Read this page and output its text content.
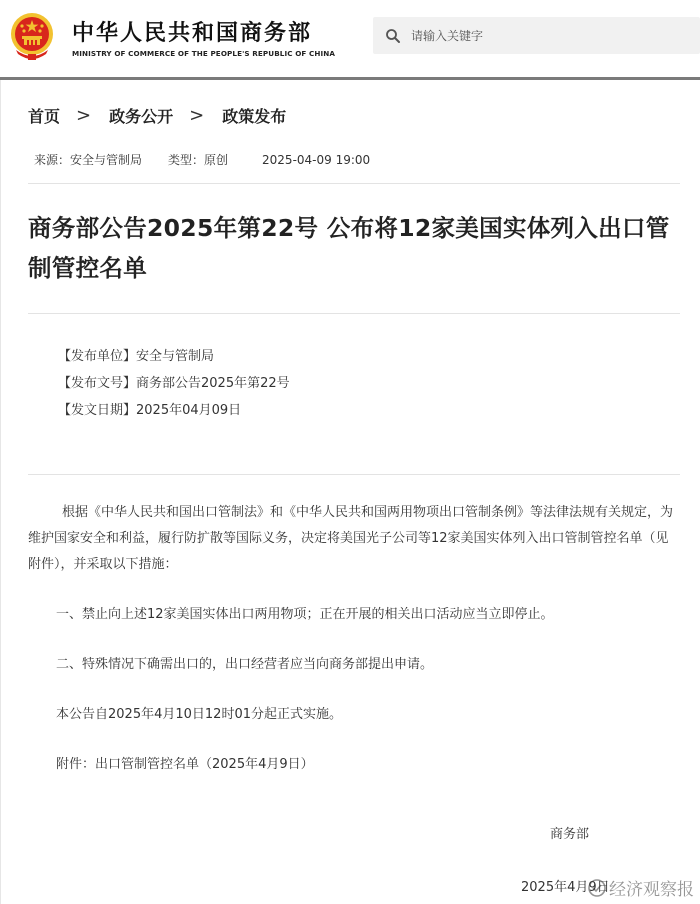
中华人民共和国商务部
MINISTRY OF COMMERCE OF THE PEOPLE'S REPUBLIC OF CHINA
请输入关键字
首页 > 政务公开 > 政策发布
来源：安全与管制局 类型：原创	2025-04-09 19:00
商务部公告2025年第22号 公布将12家美国实体列入出口管制管控名单
【发布单位】安全与管制局
【发布文号】商务部公告2025年第22号
【发文日期】2025年04月09日

根据《中华人民共和国出口管制法》和《中华人民共和国两用物项出口管制条例》等法律法规有关规定，为维护国家安全和利益，履行防扩散等国际义务，决定将美国光子公司等12家美国实体列入出口管制管控名单（见附件），并采取以下措施：

一、禁止向上述12家美国实体出口两用物项；正在开展的相关出口活动应当立即停止。

二、特殊情况下确需出口的，出口经营者应当向商务部提出申请。

本公告自2025年4月10日12时01分起正式实施。

附件：出口管制管控名单（2025年4月9日）

商务部
2025年4月9日 经济观察报
